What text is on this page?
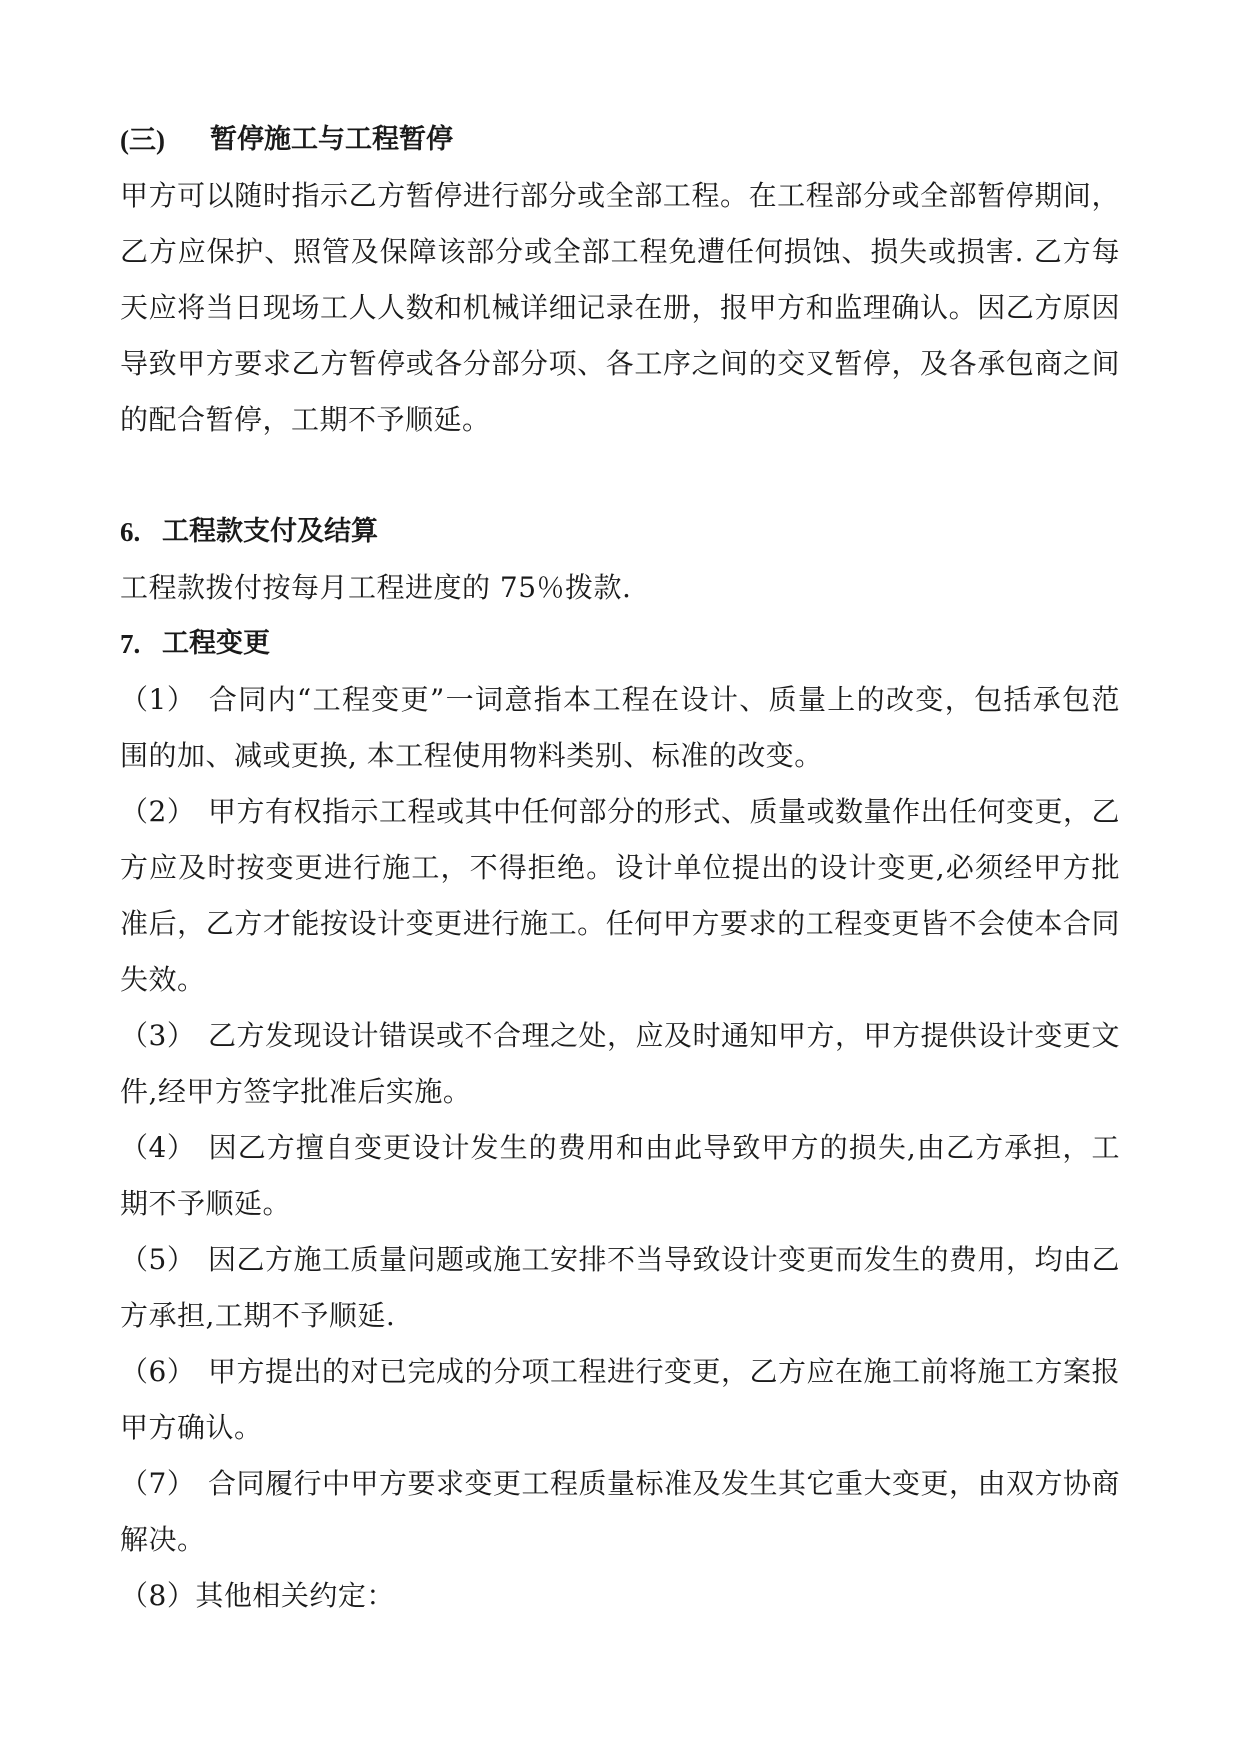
(三)	暂停施工与工程暂停

甲方可以随时指示乙方暂停进行部分或全部工程。在工程部分或全部暂停期间，乙方应保护、照管及保障该部分或全部工程免遭任何损蚀、损失或损害. 乙方每天应将当日现场工人人数和机械详细记录在册，报甲方和监理确认。因乙方原因导致甲方要求乙方暂停或各分部分项、各工序之间的交叉暂停，及各承包商之间的配合暂停，工期不予顺延。

6. 工程款支付及结算

工程款拨付按每月工程进度的 75％拨款.

7. 工程变更

（1） 合同内“工程变更”一词意指本工程在设计、质量上的改变，包括承包范围的加、减或更换, 本工程使用物料类别、标准的改变。

（2） 甲方有权指示工程或其中任何部分的形式、质量或数量作出任何变更，乙方应及时按变更进行施工，不得拒绝。设计单位提出的设计变更,必须经甲方批准后，乙方才能按设计变更进行施工。任何甲方要求的工程变更皆不会使本合同失效。

（3） 乙方发现设计错误或不合理之处，应及时通知甲方，甲方提供设计变更文件,经甲方签字批准后实施。

（4） 因乙方擅自变更设计发生的费用和由此导致甲方的损失,由乙方承担，工期不予顺延。

（5） 因乙方施工质量问题或施工安排不当导致设计变更而发生的费用，均由乙方承担,工期不予顺延.

（6） 甲方提出的对已完成的分项工程进行变更，乙方应在施工前将施工方案报甲方确认。

（7） 合同履行中甲方要求变更工程质量标准及发生其它重大变更，由双方协商解决。

（8）其他相关约定：
